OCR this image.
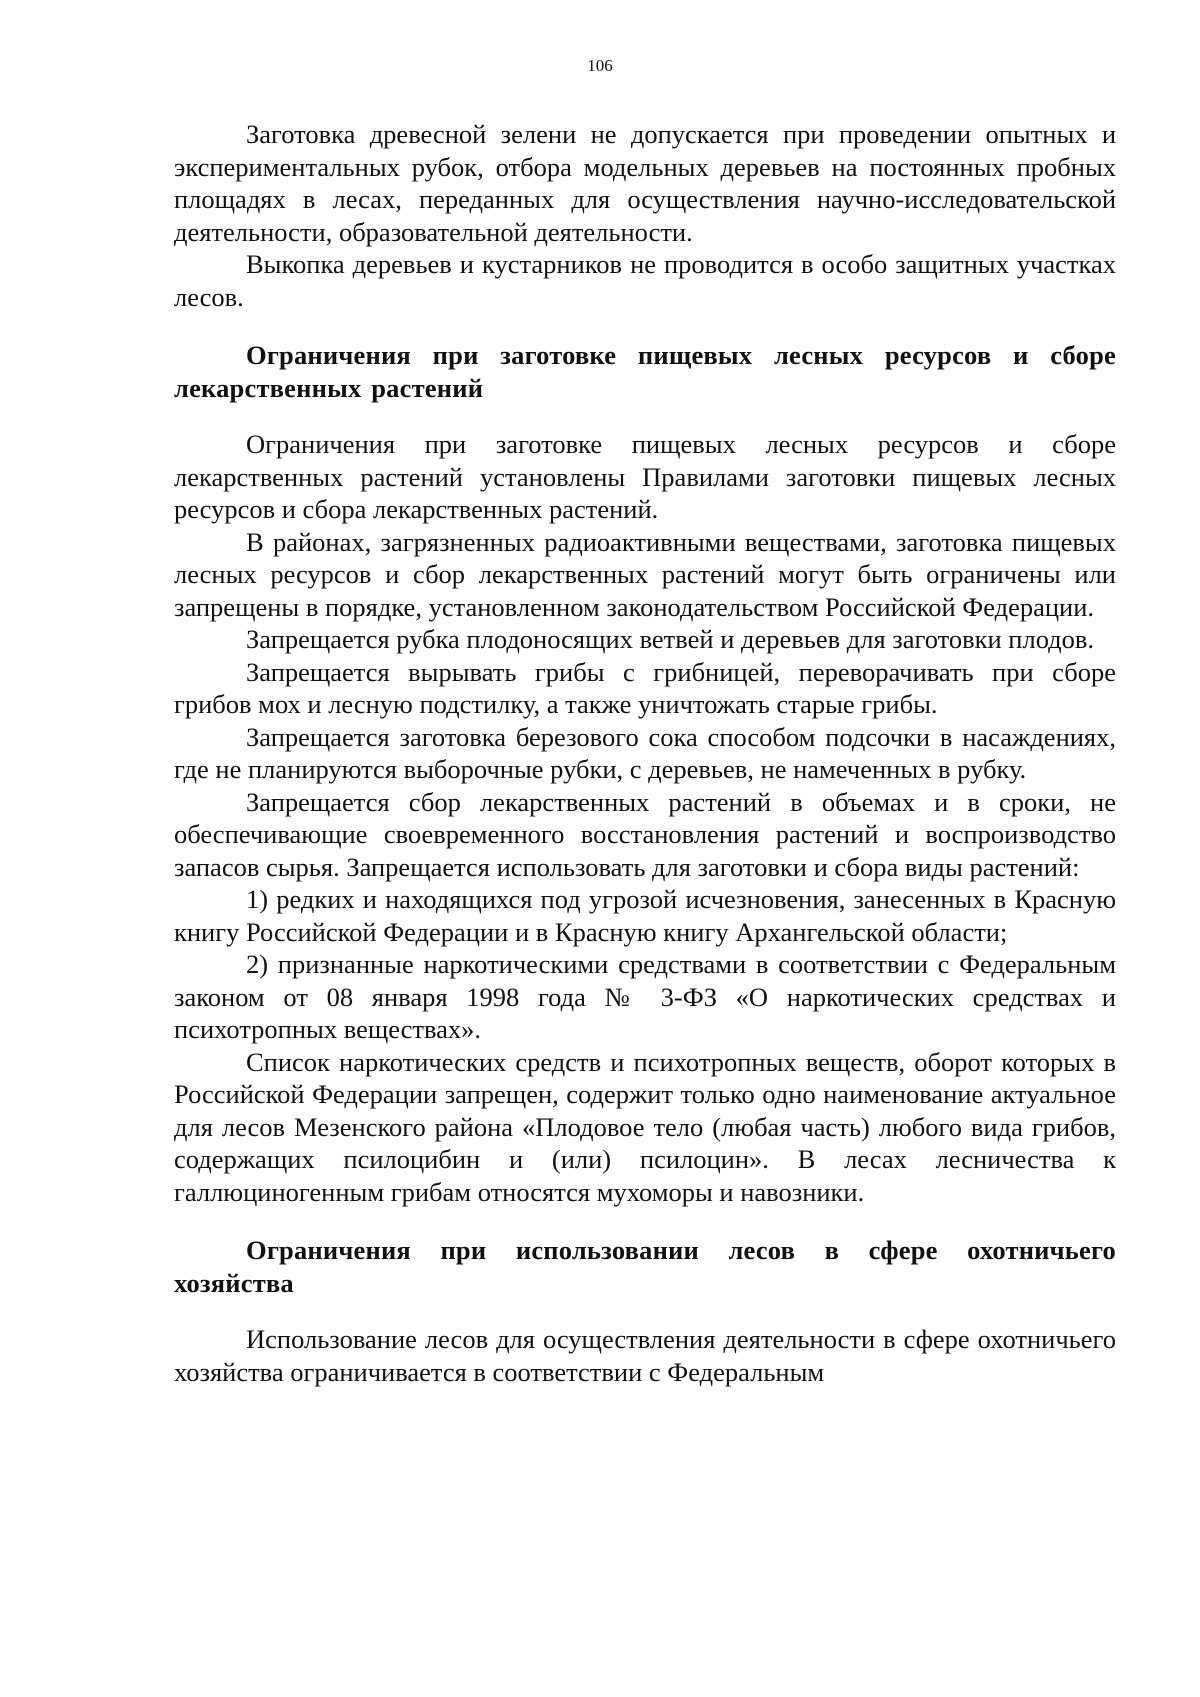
106

Заготовка древесной зелени не допускается при проведении опытных и экспериментальных рубок, отбора модельных деревьев на постоянных пробных площадях в лесах, переданных для осуществления научно-исследовательской деятельности, образовательной деятельности.

Выкопка деревьев и кустарников не проводится в особо защитных участках лесов.

Ограничения при заготовке пищевых лесных ресурсов и сборе лекарственных растений

Ограничения при заготовке пищевых лесных ресурсов и сборе лекарственных растений установлены Правилами заготовки пищевых лесных ресурсов и сбора лекарственных растений.

В районах, загрязненных радиоактивными веществами, заготовка пищевых лесных ресурсов и сбор лекарственных растений могут быть ограничены или запрещены в порядке, установленном законодательством Российской Федерации.

Запрещается рубка плодоносящих ветвей и деревьев для заготовки плодов.

Запрещается вырывать грибы с грибницей, переворачивать при сборе грибов мох и лесную подстилку, а также уничтожать старые грибы.

Запрещается заготовка березового сока способом подсочки в насаждениях, где не планируются выборочные рубки, с деревьев, не намеченных в рубку.

Запрещается сбор лекарственных растений в объемах и в сроки, не обеспечивающие своевременного восстановления растений и воспроизводство запасов сырья. Запрещается использовать для заготовки и сбора виды растений:

1) редких и находящихся под угрозой исчезновения, занесенных в Красную книгу Российской Федерации и в Красную книгу Архангельской области;

2) признанные наркотическими средствами в соответствии с Федеральным законом от 08 января 1998 года № 3-ФЗ «О наркотических средствах и психотропных веществах».

Список наркотических средств и психотропных веществ, оборот которых в Российской Федерации запрещен, содержит только одно наименование актуальное для лесов Мезенского района «Плодовое тело (любая часть) любого вида грибов, содержащих псилоцибин и (или) псилоцин». В лесах лесничества к галлюциногенным грибам относятся мухоморы и навозники.

Ограничения при использовании лесов в сфере охотничьего хозяйства

Использование лесов для осуществления деятельности в сфере охотничьего хозяйства ограничивается в соответствии с Федеральным
